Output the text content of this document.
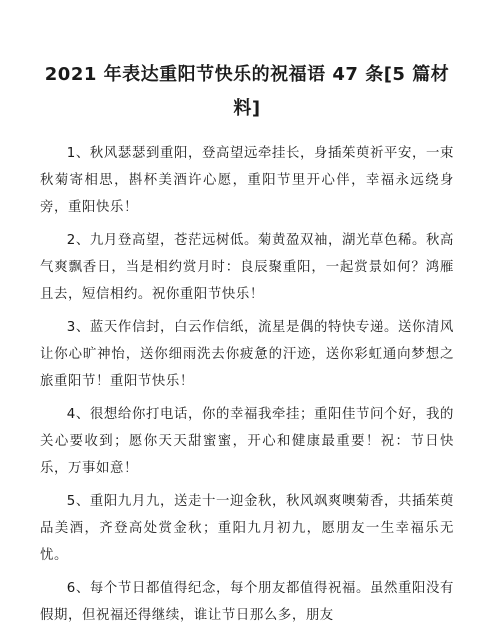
2021 年表达重阳节快乐的祝福语 47 条[5 篇材料]

1、秋风瑟瑟到重阳，登高望远牵挂长，身插茱萸祈平安，一束秋菊寄相思，斟杯美酒许心愿，重阳节里开心伴，幸福永远绕身旁，重阳快乐！

2、九月登高望，苍茫远树低。菊黄盈双袖，湖光草色稀。秋高气爽飘香日，当是相约赏月时：良辰聚重阳，一起赏景如何？鸿雁且去，短信相约。祝你重阳节快乐！

3、蓝天作信封，白云作信纸，流星是偶的特快专递。送你清风让你心旷神怡，送你细雨洗去你疲惫的汗迹，送你彩虹通向梦想之旅重阳节！重阳节快乐！

4、很想给你打电话，你的幸福我牵挂；重阳佳节问个好，我的关心要收到；愿你天天甜蜜蜜，开心和健康最重要！祝：节日快乐，万事如意！

5、重阳九月九，送走十一迎金秋，秋风飒爽噢菊香，共插茱萸品美酒，齐登高处赏金秋；重阳九月初九，愿朋友一生幸福乐无忧。

6、每个节日都值得纪念，每个朋友都值得祝福。虽然重阳没有假期，但祝福还得继续，谁让节日那么多，朋友
